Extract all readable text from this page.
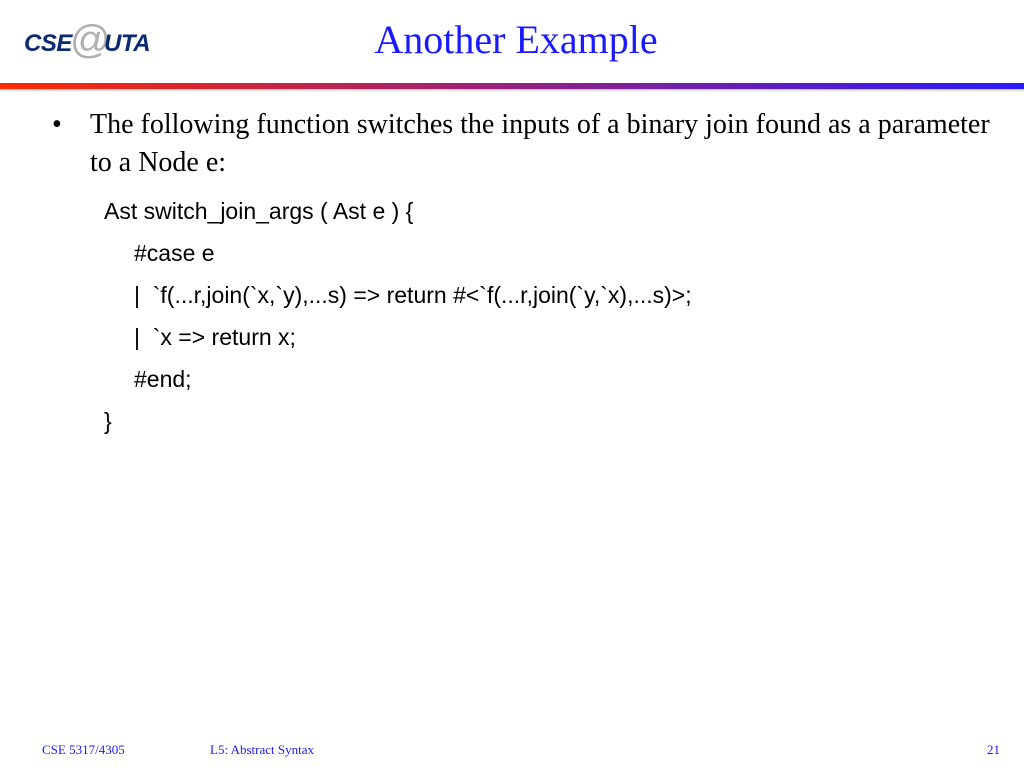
CSE
@
UTA	Another Example
• The following function switches the inputs of a binary join found as a parameter to a Node e:
Ast switch_join_args ( Ast e ) {
#case e
|  `f(...r,join(`x,`y),...s) => return #<`f(...r,join(`y,`x),...s)>;
|  `x => return x;
#end;
}
CSE 5317/4305	L5: Abstract Syntax	21
